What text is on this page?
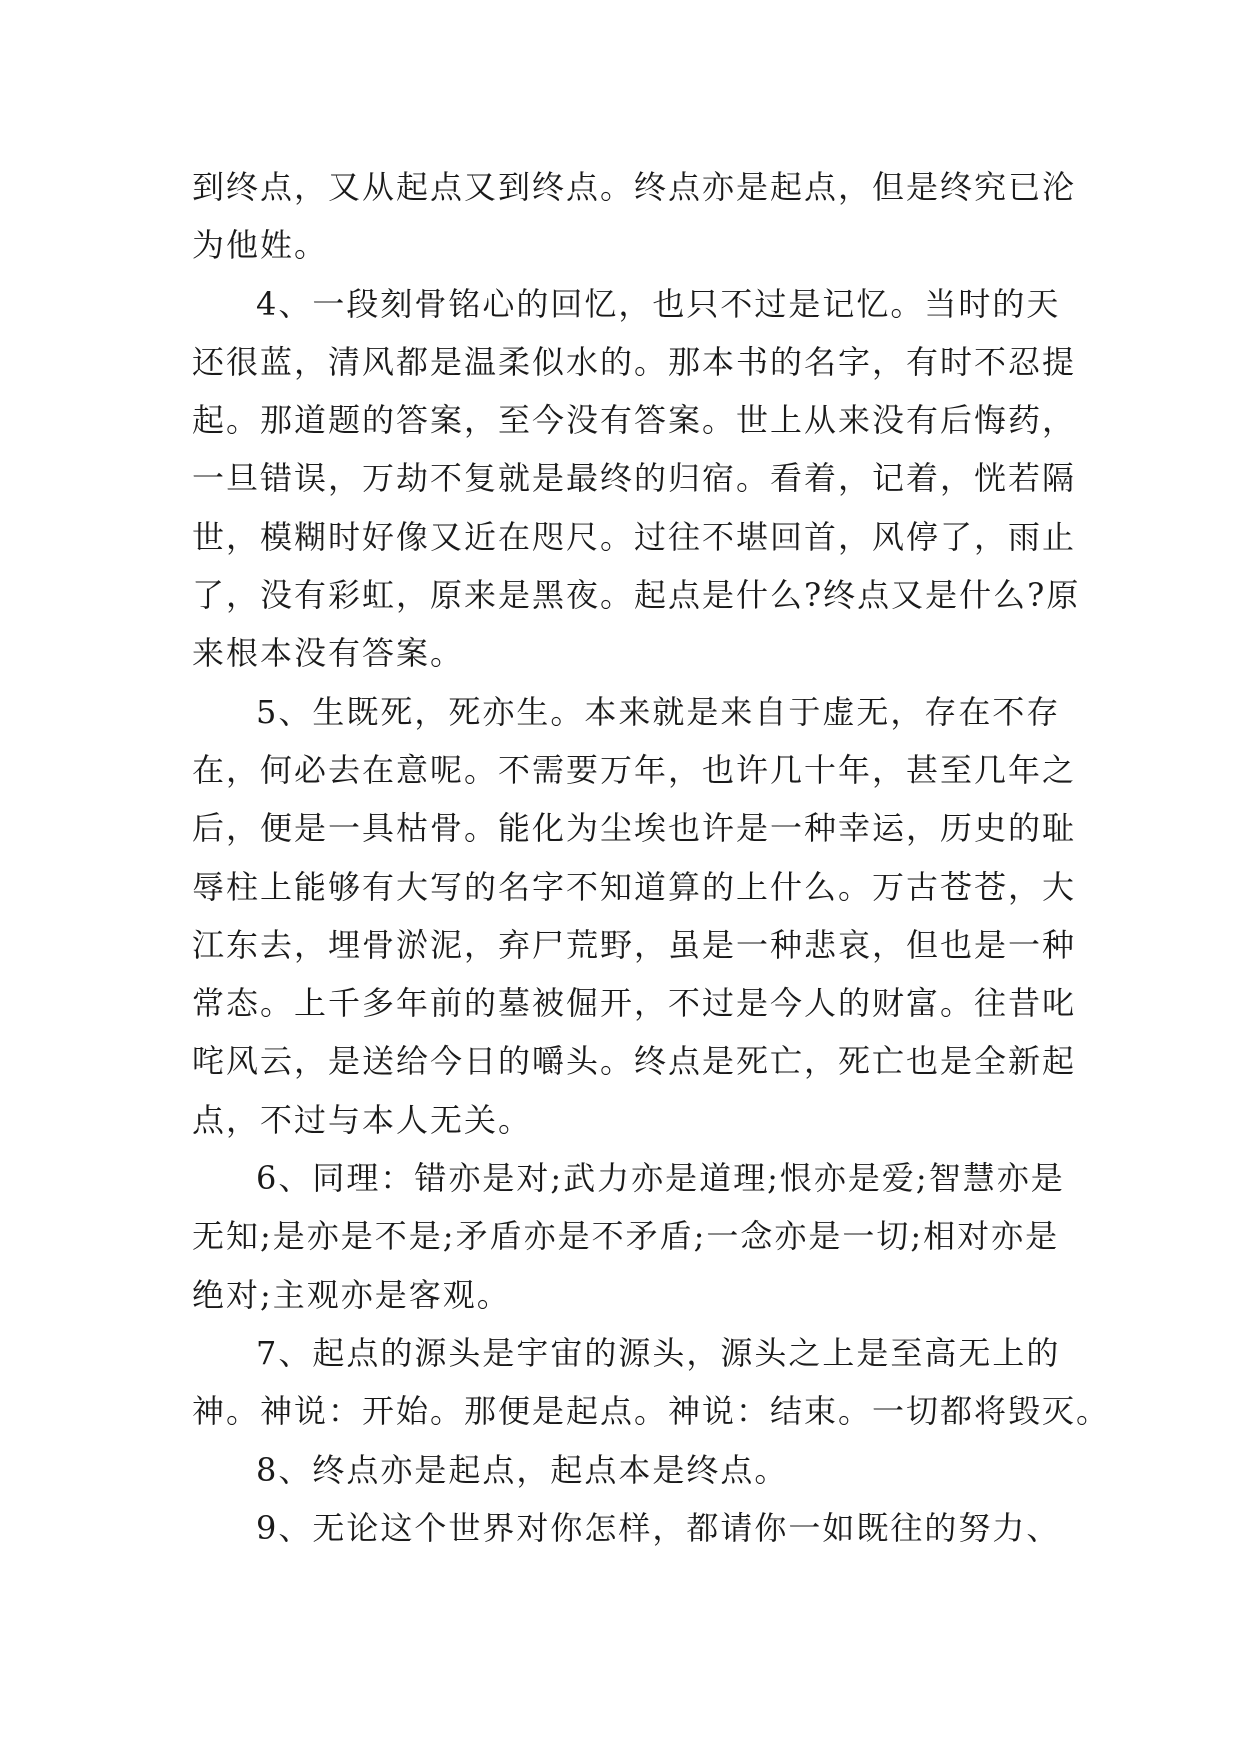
到终点，又从起点又到终点。终点亦是起点，但是终究已沦
为他姓。
4、一段刻骨铭心的回忆，也只不过是记忆。当时的天
还很蓝，清风都是温柔似水的。那本书的名字，有时不忍提
起。那道题的答案，至今没有答案。世上从来没有后悔药，
一旦错误，万劫不复就是最终的归宿。看着，记着，恍若隔
世，模糊时好像又近在咫尺。过往不堪回首，风停了，雨止
了，没有彩虹，原来是黑夜。起点是什么?终点又是什么?原
来根本没有答案。
5、生既死，死亦生。本来就是来自于虚无，存在不存
在，何必去在意呢。不需要万年，也许几十年，甚至几年之
后，便是一具枯骨。能化为尘埃也许是一种幸运，历史的耻
辱柱上能够有大写的名字不知道算的上什么。万古苍苍，大
江东去，埋骨淤泥，弃尸荒野，虽是一种悲哀，但也是一种
常态。上千多年前的墓被倔开，不过是今人的财富。往昔叱
咤风云，是送给今日的嚼头。终点是死亡，死亡也是全新起
点，不过与本人无关。
6、同理：错亦是对;武力亦是道理;恨亦是爱;智慧亦是
无知;是亦是不是;矛盾亦是不矛盾;一念亦是一切;相对亦是
绝对;主观亦是客观。
7、起点的源头是宇宙的源头，源头之上是至高无上的
神。神说：开始。那便是起点。神说：结束。一切都将毁灭。
8、终点亦是起点，起点本是终点。
9、无论这个世界对你怎样，都请你一如既往的努力、
